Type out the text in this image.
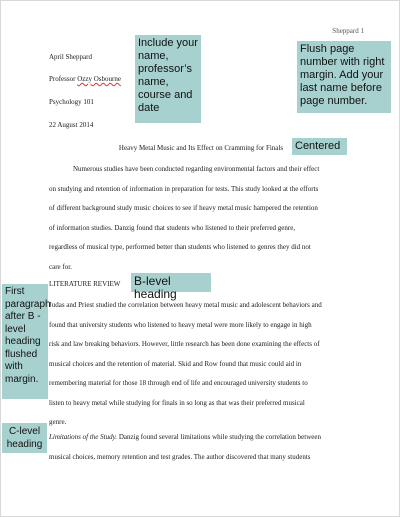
Sheppard 1
April Sheppard
Professor Ozzy Osbourne
Psychology 101
22 August 2014
Heavy Metal Music and Its Effect on Cramming for Finals
Numerous studies have been conducted regarding environmental factors and their effect
on studying and retention of information in preparation for tests. This study looked at the efforts
of different background study music choices to see if heavy metal music hampered the retention
of information studies. Danzig found that students who listened to their preferred genre,
regardless of musical type, performed better than students who listened to genres they did not
care for.
LITERATURE REVIEW
Judas and Priest studied the correlation between heavy metal music and adolescent behaviors and
found that university students who listened to heavy metal were more likely to engage in high
risk and law breaking behaviors. However, little research has been done examining the effects of
musical choices and the retention of material. Skid and Row found that music could aid in
remembering material for those 18 through end of life and encouraged university students to
listen to heavy metal while studying for finals in so long as that was their preferred musical
genre.
Limitations of the Study. Danzig found several limitations while studying the correlation between
musical choices, memory retention and test grades. The author discovered that many students
Include your name, professor’s name, course and date
Flush page number with right margin. Add your last name before page number.
Centered
B-level heading
First paragraph after B -level heading flushed with margin.
C-level heading
